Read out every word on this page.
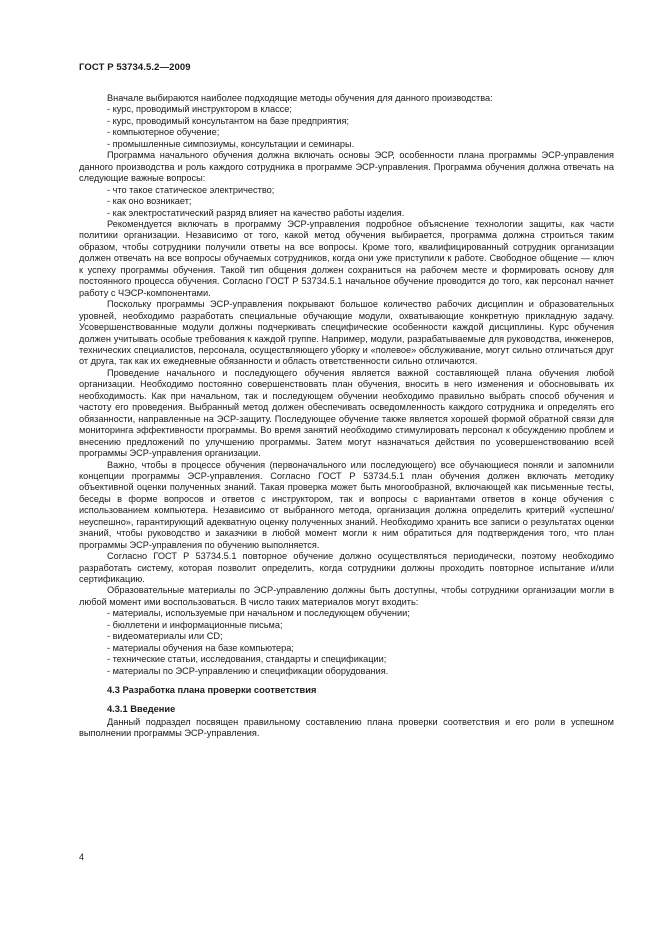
ГОСТ Р 53734.5.2—2009

Вначале выбираются наиболее подходящие методы обучения для данного производства:

- курс, проводимый инструктором в классе;

- курс, проводимый консультантом на базе предприятия;

- компьютерное обучение;

- промышленные симпозиумы, консультации и семинары.

Программа начального обучения должна включать основы ЭСР, особенности плана программы ЭСР-управления данного производства и роль каждого сотрудника в программе ЭСР-управления. Программа обучения должна отвечать на следующие важные вопросы:

- что такое статическое электричество;

- как оно возникает;

- как электростатический разряд влияет на качество работы изделия.

Рекомендуется включать в программу ЭСР-управления подробное объяснение технологии защиты, как части политики организации. Независимо от того, какой метод обучения выбирается, программа должна строиться таким образом, чтобы сотрудники получили ответы на все вопросы. Кроме того, квалифицированный сотрудник организации должен отвечать на все вопросы обучаемых сотрудников, когда они уже приступили к работе. Свободное общение — ключ к успеху программы обучения. Такой тип общения должен сохраниться на рабочем месте и формировать основу для постоянного процесса обучения. Согласно ГОСТ Р 53734.5.1 начальное обучение проводится до того, как персонал начнет работу с ЧЭСР-компонентами.

Поскольку программы ЭСР-управления покрывают большое количество рабочих дисциплин и образовательных уровней, необходимо разработать специальные обучающие модули, охватывающие конкретную прикладную задачу. Усовершенствованные модули должны подчеркивать специфические особенности каждой дисциплины. Курс обучения должен учитывать особые требования к каждой группе. Например, модули, разрабатываемые для руководства, инженеров, технических специалистов, персонала, осуществляющего уборку и «полевое» обслуживание, могут сильно отличаться друг от друга, так как их ежедневные обязанности и область ответственности сильно отличаются.

Проведение начального и последующего обучения является важной составляющей плана обучения любой организации. Необходимо постоянно совершенствовать план обучения, вносить в него изменения и обосновывать их необходимость. Как при начальном, так и последующем обучении необходимо правильно выбрать способ обучения и частоту его проведения. Выбранный метод должен обеспечивать осведомленность каждого сотрудника и определять его обязанности, направленные на ЭСР-защиту. Последующее обучение также является хорошей формой обратной связи для мониторинга эффективности программы. Во время занятий необходимо стимулировать персонал к обсуждению проблем и внесению предложений по улучшению программы. Затем могут назначаться действия по усовершенствованию всей программы ЭСР-управления организации.

Важно, чтобы в процессе обучения (первоначального или последующего) все обучающиеся поняли и запомнили концепции программы ЭСР-управления. Согласно ГОСТ Р 53734.5.1 план обучения должен включать методику объективной оценки полученных знаний. Такая проверка может быть многообразной, включающей как письменные тесты, беседы в форме вопросов и ответов с инструктором, так и вопросы с вариантами ответов в конце обучения с использованием компьютера. Независимо от выбранного метода, организация должна определить критерий «успешно/неуспешно», гарантирующий адекватную оценку полученных знаний. Необходимо хранить все записи о результатах оценки знаний, чтобы руководство и заказчики в любой момент могли к ним обратиться для подтверждения того, что план программы ЭСР-управления по обучению выполняется.

Согласно ГОСТ Р 53734.5.1 повторное обучение должно осуществляться периодически, поэтому необходимо разработать систему, которая позволит определить, когда сотрудники должны проходить повторное испытание и/или сертификацию.

Образовательные материалы по ЭСР-управлению должны быть доступны, чтобы сотрудники организации могли в любой момент ими воспользоваться. В число таких материалов могут входить:

- материалы, используемые при начальном и последующем обучении;

- бюллетени и информационные письма;

- видеоматериалы или CD;

- материалы обучения на базе компьютера;

- технические статьи, исследования, стандарты и спецификации;

- материалы по ЭСР-управлению и спецификации оборудования.

4.3 Разработка плана проверки соответствия

4.3.1 Введение

Данный подраздел посвящен правильному составлению плана проверки соответствия и его роли в успешном выполнении программы ЭСР-управления.

4
